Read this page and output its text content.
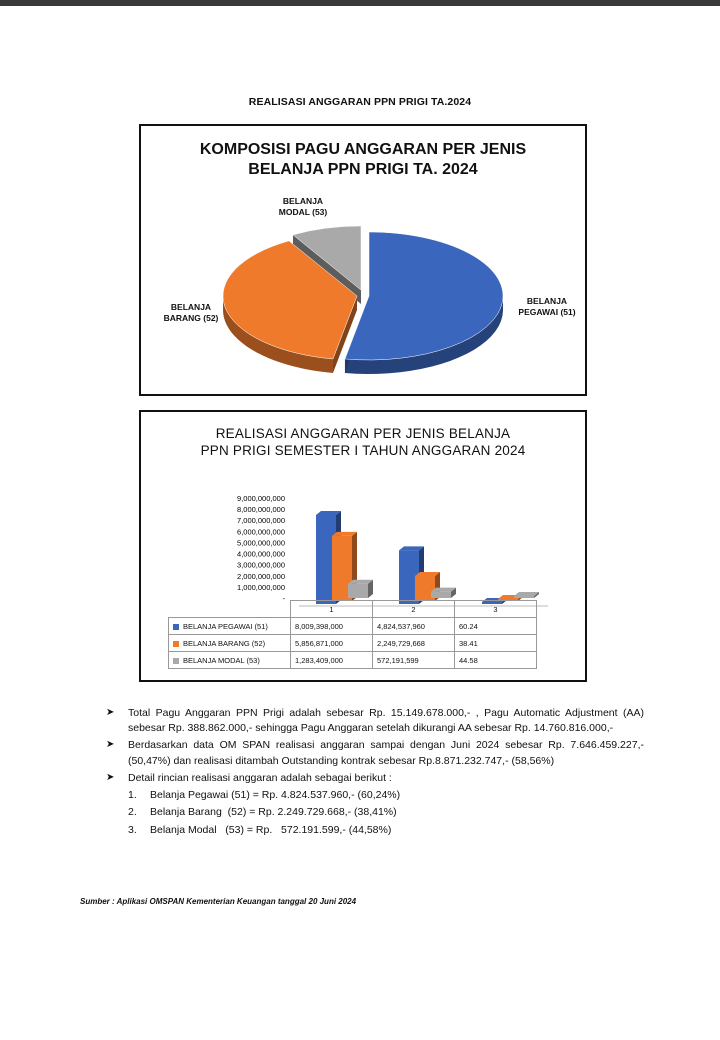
REALISASI ANGGARAN PPN PRIGI TA.2024
KOMPOSISI PAGU ANGGARAN PER JENIS
BELANJA PPN PRIGI TA. 2024
BELANJA
MODAL (53)
BELANJA
BARANG (52)
BELANJA
PEGAWAI (51)
REALISASI ANGGARAN PER JENIS BELANJA
PPN PRIGI SEMESTER I TAHUN ANGGARAN 2024
9,000,000,000
8,000,000,000
7,000,000,000
6,000,000,000
5,000,000,000
4,000,000,000
3,000,000,000
2,000,000,000
1,000,000,000
-
	1	2	3
BELANJA PEGAWAI (51)	8,009,398,000	4,824,537,960	60.24
BELANJA BARANG (52)	5,856,871,000	2,249,729,668	38.41
BELANJA MODAL (53)	1,283,409,000	572,191,599	44.58
➤ Total Pagu Anggaran PPN Prigi adalah sebesar Rp. 15.149.678.000,- , Pagu Automatic Adjustment (AA) sebesar Rp. 388.862.000,- sehingga Pagu Anggaran setelah dikurangi AA sebesar Rp. 14.760.816.000,-
➤ Berdasarkan data OM SPAN realisasi anggaran sampai dengan Juni 2024 sebesar Rp. 7.646.459.227,- (50,47%) dan realisasi ditambah Outstanding kontrak sebesar Rp.8.871.232.747,- (58,56%)
➤ Detail rincian realisasi anggaran adalah sebagai berikut :
1. Belanja Pegawai (51) = Rp. 4.824.537.960,- (60,24%)
2. Belanja Barang  (52) = Rp. 2.249.729.668,- (38,41%)
3. Belanja Modal   (53) = Rp.   572.191.599,- (44,58%)
Sumber : Aplikasi OMSPAN Kementerian Keuangan tanggal 20 Juni 2024
